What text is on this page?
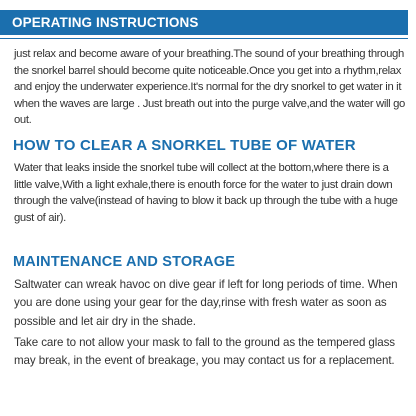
OPERATING INSTRUCTIONS

just relax and become aware of your breathing.The sound of your breathing through the snorkel barrel should become quite noticeable.Once you get into a rhythm,relax and enjoy the underwater experience.It's normal for the dry snorkel to get water in it when the waves are large . Just breath out into the purge valve,and the water will go out.

HOW TO CLEAR A SNORKEL TUBE OF WATER

Water that leaks inside the snorkel tube will collect at the bottom,where there is a little valve,With a light exhale,there is enouth force for the water to just drain down through the valve(instead of having to blow it back up through the tube with a huge gust of air).

MAINTENANCE AND STORAGE

Saltwater can wreak havoc on dive gear if left for long periods of time. When you are done using your gear for the day,rinse with fresh water as soon as possible and let air dry in the shade.

Take care to not allow your mask to fall to the ground as the tempered glass may break, in the event of breakage, you may contact us for a replacement.
